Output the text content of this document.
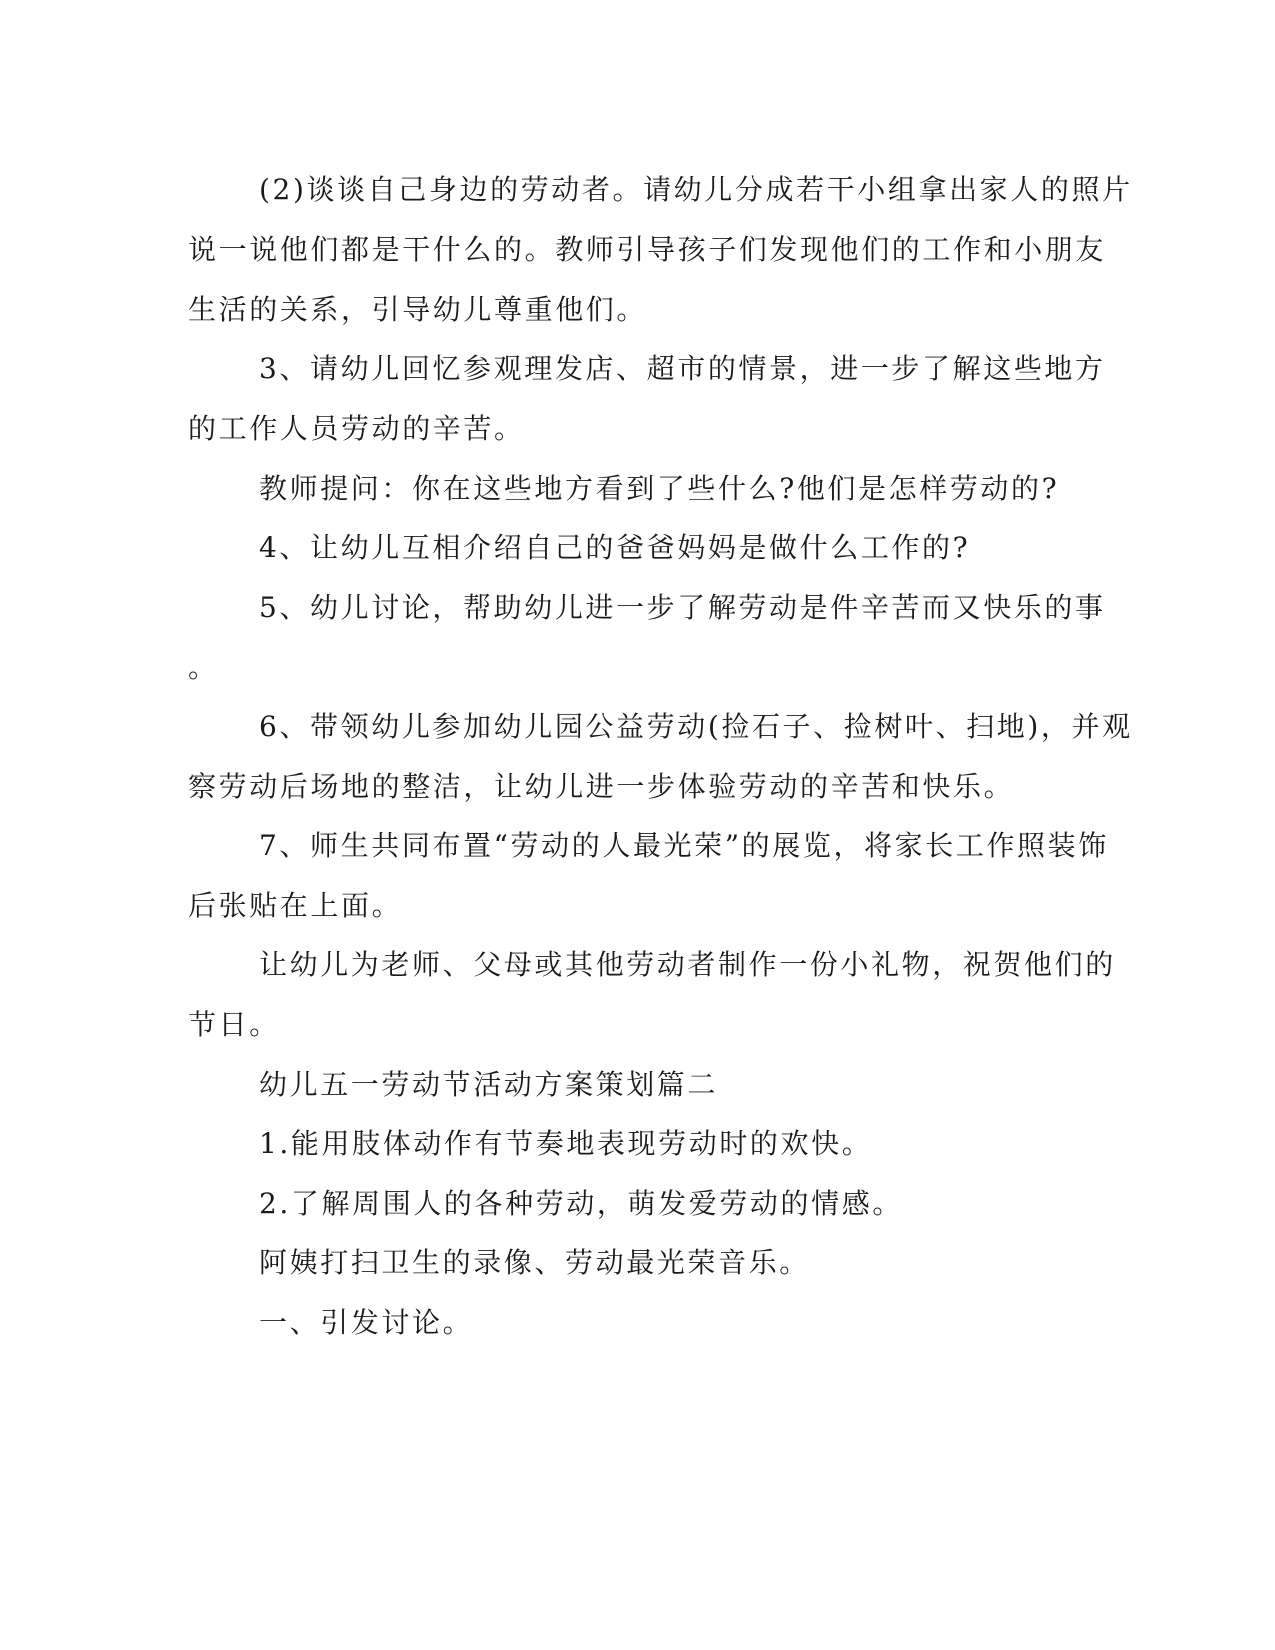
(2)谈谈自己身边的劳动者。请幼儿分成若干小组拿出家人的照片

说一说他们都是干什么的。教师引导孩子们发现他们的工作和小朋友

生活的关系，引导幼儿尊重他们。

3、请幼儿回忆参观理发店、超市的情景，进一步了解这些地方

的工作人员劳动的辛苦。

教师提问：你在这些地方看到了些什么?他们是怎样劳动的?

4、让幼儿互相介绍自己的爸爸妈妈是做什么工作的?

5、幼儿讨论，帮助幼儿进一步了解劳动是件辛苦而又快乐的事

。

6、带领幼儿参加幼儿园公益劳动(捡石子、捡树叶、扫地)，并观

察劳动后场地的整洁，让幼儿进一步体验劳动的辛苦和快乐。

7、师生共同布置“劳动的人最光荣”的展览，将家长工作照装饰

后张贴在上面。

让幼儿为老师、父母或其他劳动者制作一份小礼物，祝贺他们的

节日。

幼儿五一劳动节活动方案策划篇二

1.能用肢体动作有节奏地表现劳动时的欢快。

2.了解周围人的各种劳动，萌发爱劳动的情感。

阿姨打扫卫生的录像、劳动最光荣音乐。

一、引发讨论。
